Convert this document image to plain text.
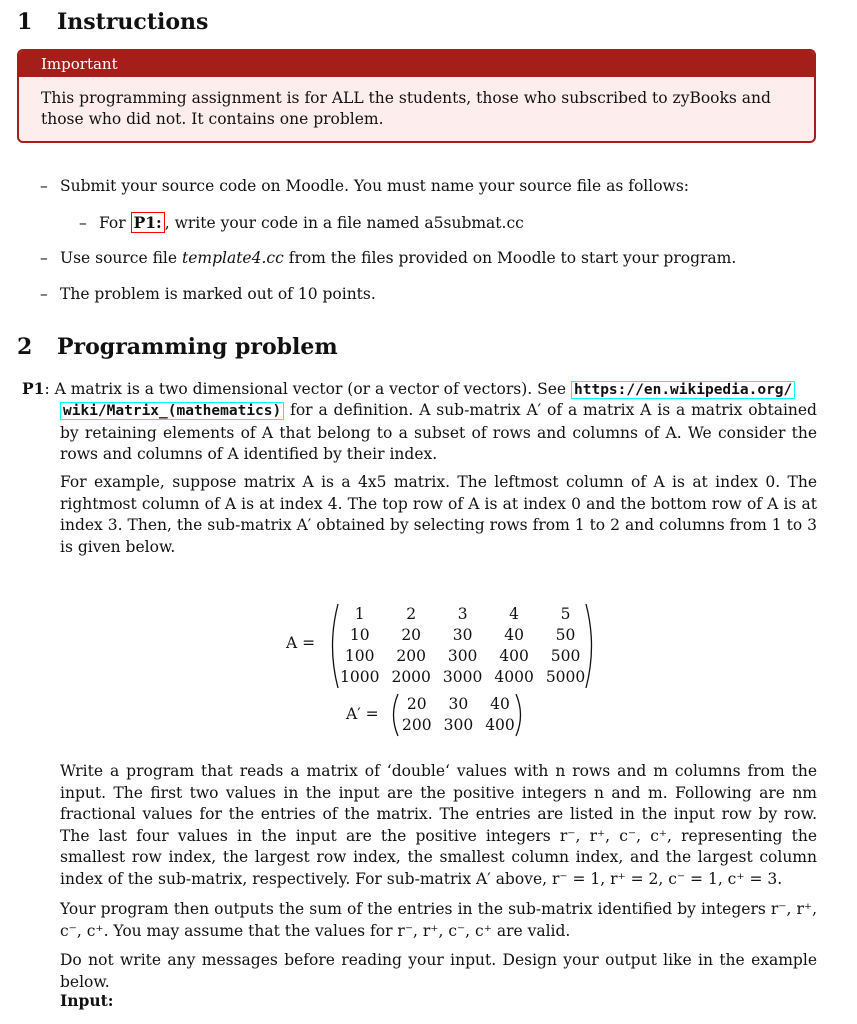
1 Instructions
Important
This programming assignment is for ALL the students, those who subscribed to zyBooks and those who did not. It contains one problem.
– Submit your source code on Moodle. You must name your source file as follows:
– For P1: , write your code in a file named a5submat.cc
– Use source file template4.cc from the files provided on Moodle to start your program.
– The problem is marked out of 10 points.
2 Programming problem
P1: A matrix is a two dimensional vector (or a vector of vectors). See https://en.wikipedia.org/
wiki/Matrix_(mathematics) for a definition. A sub-matrix A′ of a matrix A is a matrix obtained by retaining elements of A that belong to a subset of rows and columns of A. We consider the rows and columns of A identified by their index.
For example, suppose matrix A is a 4x5 matrix. The leftmost column of A is at index 0. The rightmost column of A is at index 4. The top row of A is at index 0 and the bottom row of A is at index 3. Then, the sub-matrix A′ obtained by selecting rows from 1 to 2 and columns from 1 to 3 is given below.
A =
1	2	3	4	5
10	20	30	40	50
100	200	300	400	500
1000	2000	3000	4000	5000
A′ =
20	30	40
200	300	400
Write a program that reads a matrix of ‘double‘ values with n rows and m columns from the input. The first two values in the input are the positive integers n and m. Following are nm fractional values for the entries of the matrix. The entries are listed in the input row by row. The last four values in the input are the positive integers r⁻, r⁺, c⁻, c⁺, representing the smallest row index, the largest row index, the smallest column index, and the largest column index of the sub-matrix, respectively. For sub-matrix A′ above, r⁻ = 1, r⁺ = 2, c⁻ = 1, c⁺ = 3.
Your program then outputs the sum of the entries in the sub-matrix identified by integers r⁻, r⁺, c⁻, c⁺. You may assume that the values for r⁻, r⁺, c⁻, c⁺ are valid.
Do not write any messages before reading your input. Design your output like in the example below.
Input:
